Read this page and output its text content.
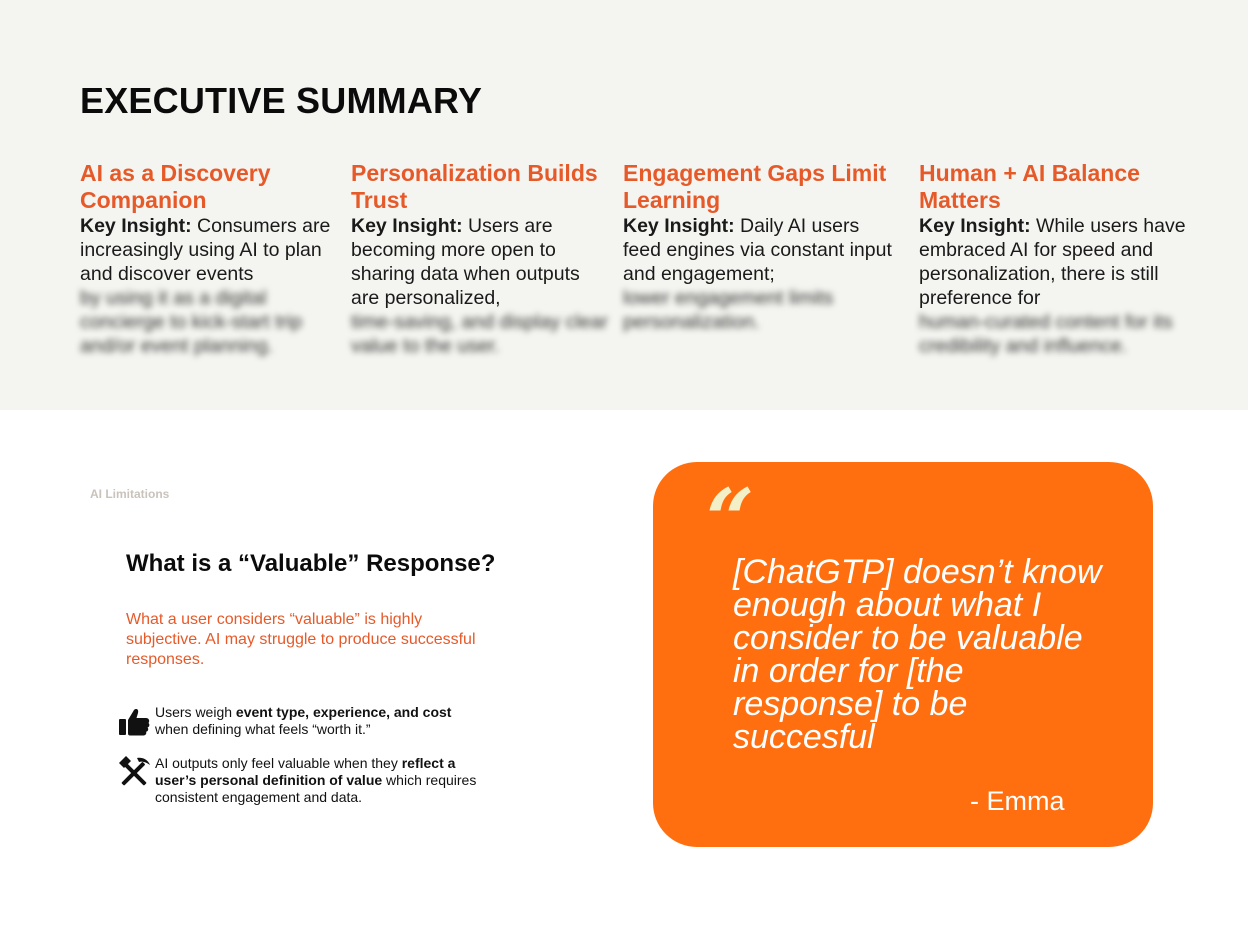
EXECUTIVE SUMMARY
AI as a Discovery Companion

Key Insight: Consumers are increasingly using AI to plan and discover events
by using it as a digital concierge to kick-start trip and/or event planning.

Personalization Builds Trust

Key Insight: Users are becoming more open to sharing data when outputs are personalized,
time-saving, and display clear value to the user.

Engagement Gaps Limit Learning

Key Insight: Daily AI users feed engines via constant input and engagement;
lower engagement limits personalization.

Human + AI Balance Matters

Key Insight: While users have embraced AI for speed and personalization, there is still preference for
human-curated content for its credibility and influence.

AI Limitations
What is a “Valuable” Response?

What a user considers “valuable” is highly subjective. AI may struggle to produce successful responses.

Users weigh event type, experience, and cost when defining what feels “worth it.”
AI outputs only feel valuable when they reflect a user’s personal definition of value which requires consistent engagement and data.
“

[ChatGTP] doesn’t know enough about what I consider to be valuable in order for [the response] to be succesful

- Emma
